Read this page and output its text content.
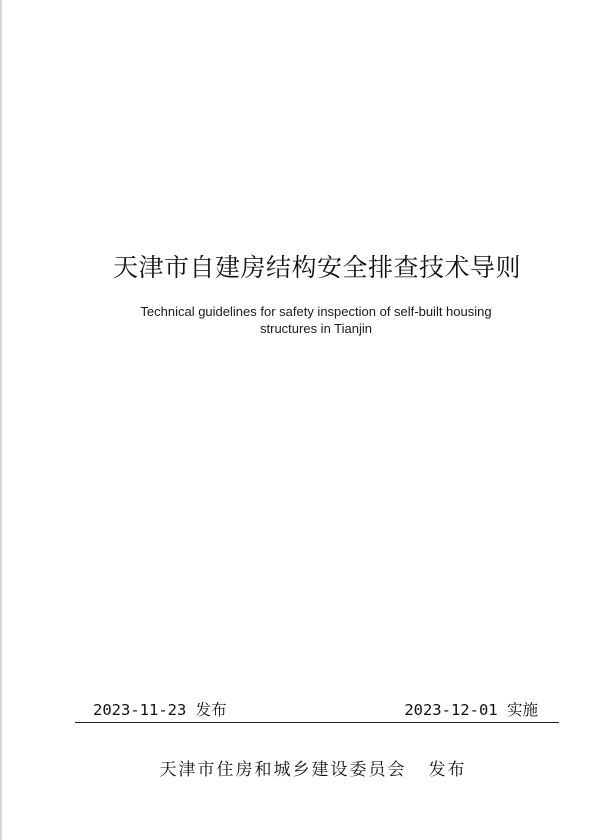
天津市自建房结构安全排查技术导则
Technical guidelines for safety inspection of self-built housing
structures in Tianjin
2023-11-23 发布	2023-12-01 实施
天津市住房和城乡建设委员会 发布
